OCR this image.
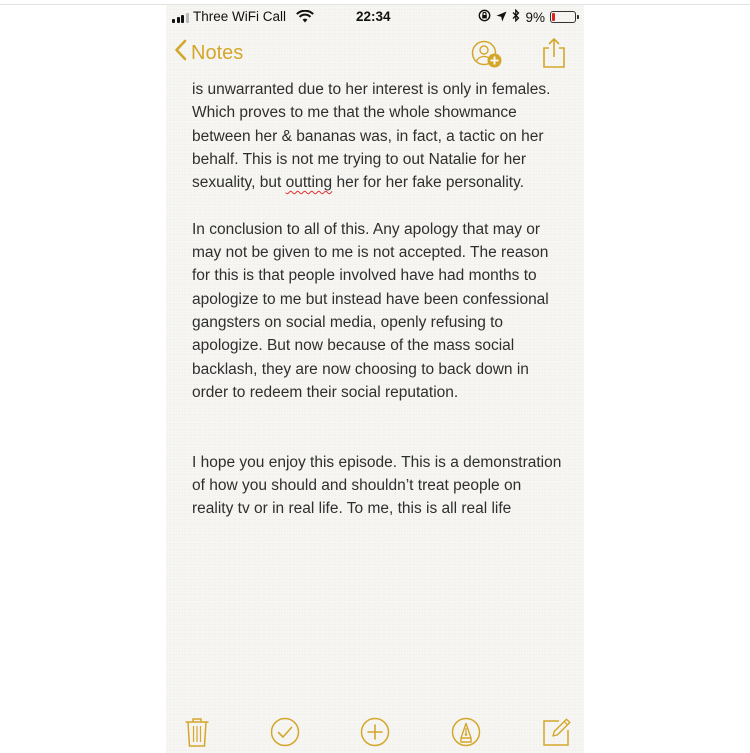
Three WiFi Call	22:34	9%
Notes

is unwarranted due to her interest is only in females. Which proves to me that the whole showmance between her & bananas was, in fact, a tactic on her behalf. This is not me trying to out Natalie for her sexuality, but outting her for her fake personality.

In conclusion to all of this. Any apology that may or may not be given to me is not accepted. The reason for this is that people involved have had months to apologize to me but instead have been confessional gangsters on social media, openly refusing to apologize. But now because of the mass social backlash, they are now choosing to back down in order to redeem their social reputation.

I hope you enjoy this episode. This is a demonstration of how you should and shouldn’t treat people on reality tv or in real life. To me, this is all real life
